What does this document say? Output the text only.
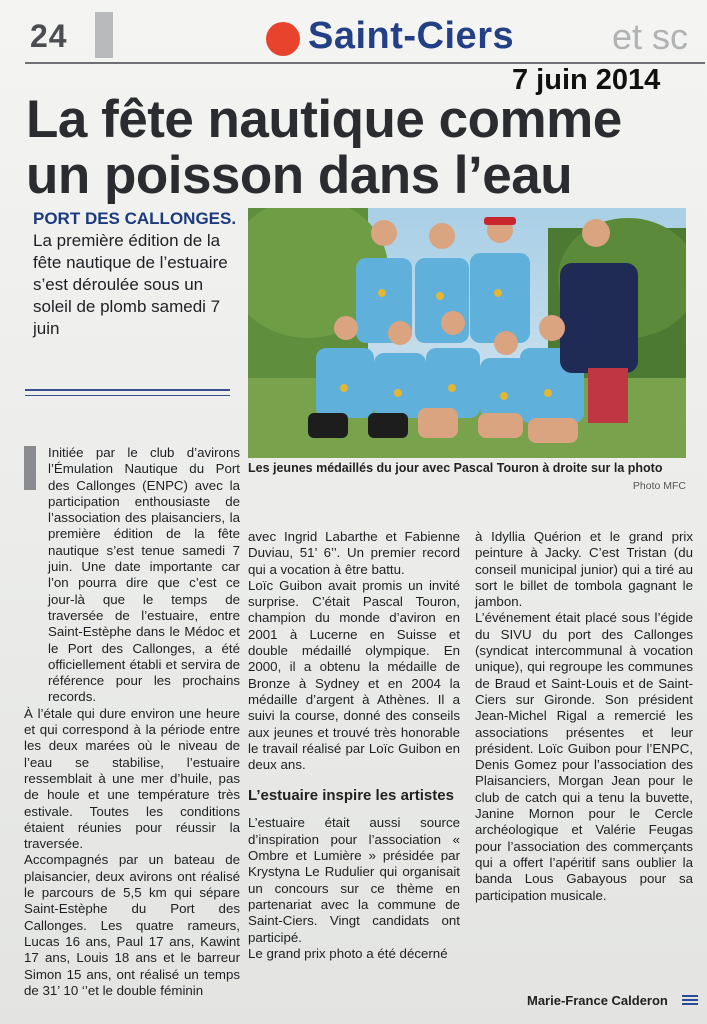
24	Saint-Ciers	et sc
7 juin 2014
La fête nautique comme un poisson dans l’eau

PORT DES CALLONGES. La première édition de la fête nautique de l’estuaire s’est déroulée sous un soleil de plomb samedi 7 juin

Les jeunes médaillés du jour avec Pascal Touron à droite sur la photo

Photo MFC

Initiée par le club d’avirons l’Émulation Nautique du Port des Callonges (ENPC) avec la participation enthousiaste de l’association des plaisanciers, la première édition de la fête nautique s’est tenue samedi 7 juin. Une date importante car l’on pourra dire que c’est ce jour-là que le temps de traversée de l’estuaire, entre Saint-Estèphe dans le Médoc et le Port des Callonges, a été officiellement établi et servira de référence pour les prochains records.

À l’étale qui dure environ une heure et qui correspond à la période entre les deux marées où le niveau de l’eau se stabilise, l’estuaire ressemblait à une mer d’huile, pas de houle et une température très estivale. Toutes les conditions étaient réunies pour réussir la traversée.

Accompagnés par un bateau de plaisancier, deux avirons ont réalisé le parcours de 5,5 km qui sépare Saint-Estèphe du Port des Callonges. Les quatre rameurs, Lucas 16 ans, Paul 17 ans, Kawint 17 ans, Louis 18 ans et le barreur Simon 15 ans, ont réalisé un temps de 31’ 10 ‘’et le double féminin

avec Ingrid Labarthe et Fabienne Duviau, 51’ 6’’. Un premier record qui a vocation à être battu.

Loïc Guibon avait promis un invité surprise. C’était Pascal Touron, champion du monde d’aviron en 2001 à Lucerne en Suisse et double médaillé olympique. En 2000, il a obtenu la médaille de Bronze à Sydney et en 2004 la médaille d’argent à Athènes. Il a suivi la course, donné des conseils aux jeunes et trouvé très honorable le travail réalisé par Loïc Guibon en deux ans.

L’estuaire inspire les artistes

L’estuaire était aussi source d’inspiration pour l’association « Ombre et Lumière » présidée par Krystyna Le Rudulier qui organisait un concours sur ce thème en partenariat avec la commune de Saint-Ciers. Vingt candidats ont participé.

Le grand prix photo a été décerné

à Idyllia Quérion et le grand prix peinture à Jacky. C’est Tristan (du conseil municipal junior) qui a tiré au sort le billet de tombola gagnant le jambon.

L’événement était placé sous l’égide du SIVU du port des Callonges (syndicat intercommunal à vocation unique), qui regroupe les communes de Braud et Saint-Louis et de Saint-Ciers sur Gironde. Son président Jean-Michel Rigal a remercié les associations présentes et leur président. Loïc Guibon pour l’ENPC, Denis Gomez pour l’association des Plaisanciers, Morgan Jean pour le club de catch qui a tenu la buvette, Janine Mornon pour le Cercle archéologique et Valérie Feugas pour l’association des commerçants qui a offert l’apéritif sans oublier la banda Lous Gabayous pour sa participation musicale.

Marie-France Calderon
